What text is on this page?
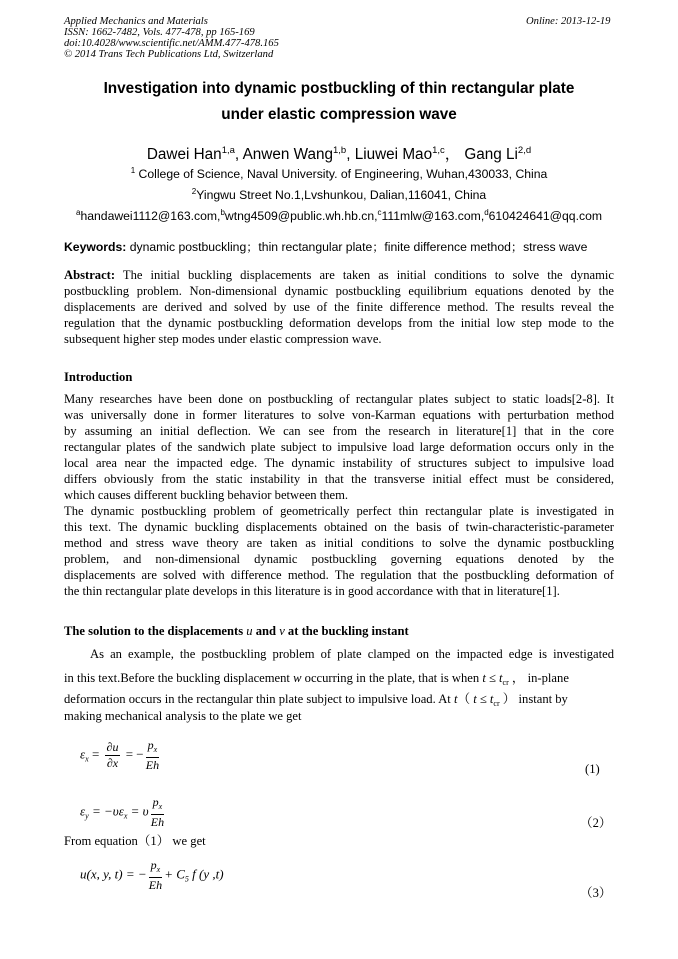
Applied Mechanics and Materials
ISSN: 1662-7482, Vols. 477-478, pp 165-169
doi:10.4028/www.scientific.net/AMM.477-478.165
© 2014 Trans Tech Publications Ltd, Switzerland
Online: 2013-12-19
Investigation into dynamic postbuckling of thin rectangular plate
under elastic compression wave
Dawei Han$^{1,a}$, Anwen Wang$^{1,b}$, Liuwei Mao$^{1,c}$， Gang Li$^{2,d}$
$^1$ College of Science, Naval University. of Engineering, Wuhan,430033, China
$^2$Yingwu Street No.1,Lvshunkou, Dalian,116041, China
$^a$handawei1112@163.com,$^b$wtng4509@public.wh.hb.cn,$^c$111mlw@163.com,$^d$610424641@qq.com
Keywords: dynamic postbuckling；thin rectangular plate；finite difference method；stress wave
Abstract: The initial buckling displacements are taken as initial conditions to solve the dynamic
postbuckling problem. Non-dimensional dynamic postbuckling equilibrium equations denoted by the
displacements are derived and solved by use of the finite difference method. The results reveal the
regulation that the dynamic postbuckling deformation develops from the initial low step mode to the
subsequent higher step modes under elastic compression wave.
Introduction
Many researches have been done on postbuckling of rectangular plates subject to static loads[2-8]. It
was universally done in former literatures to solve von-Karman equations with perturbation method
by assuming an initial deflection. We can see from the research in literature[1] that in the core
rectangular plates of the sandwich plate subject to impulsive load large deformation occurs only in the
local area near the impacted edge. The dynamic instability of structures subject to impulsive load
differs obviously from the static instability in that the transverse initial effect must be considered,
which causes different buckling behavior between them.
The dynamic postbuckling problem of geometrically perfect thin rectangular plate is investigated in
this text. The dynamic buckling displacements obtained on the basis of twin-characteristic-parameter
method and stress wave theory are taken as initial conditions to solve the dynamic postbuckling
problem, and non-dimensional dynamic postbuckling governing equations denoted by the
displacements are solved with difference method. The regulation that the postbuckling deformation of
the thin rectangular plate develops in this literature is in good accordance with that in literature[1].
The solution to the displacements u and v at the buckling instant
As an example, the postbuckling problem of plate clamped on the impacted edge is investigated
in this text.Before the buckling displacement w occurring in the plate, that is when $t \le t_{cr}$ ， in-plane
deformation occurs in the rectangular thin plate subject to impulsive load. At t（ $t \le t_{cr}$ ） instant by
making mechanical analysis to the plate we get
$\varepsilon_x = \frac{\partial u}{\partial x}$ = − $\frac{p_x}{Eh}$	(1)
$\varepsilon_y = -\upsilon\varepsilon_x = \upsilon \frac{p_x}{Eh}$	（2）
From equation（1） we get
u(x, y, t) = − $\frac{p_x}{Eh} + C_5$ f (y ,t)
（3）
